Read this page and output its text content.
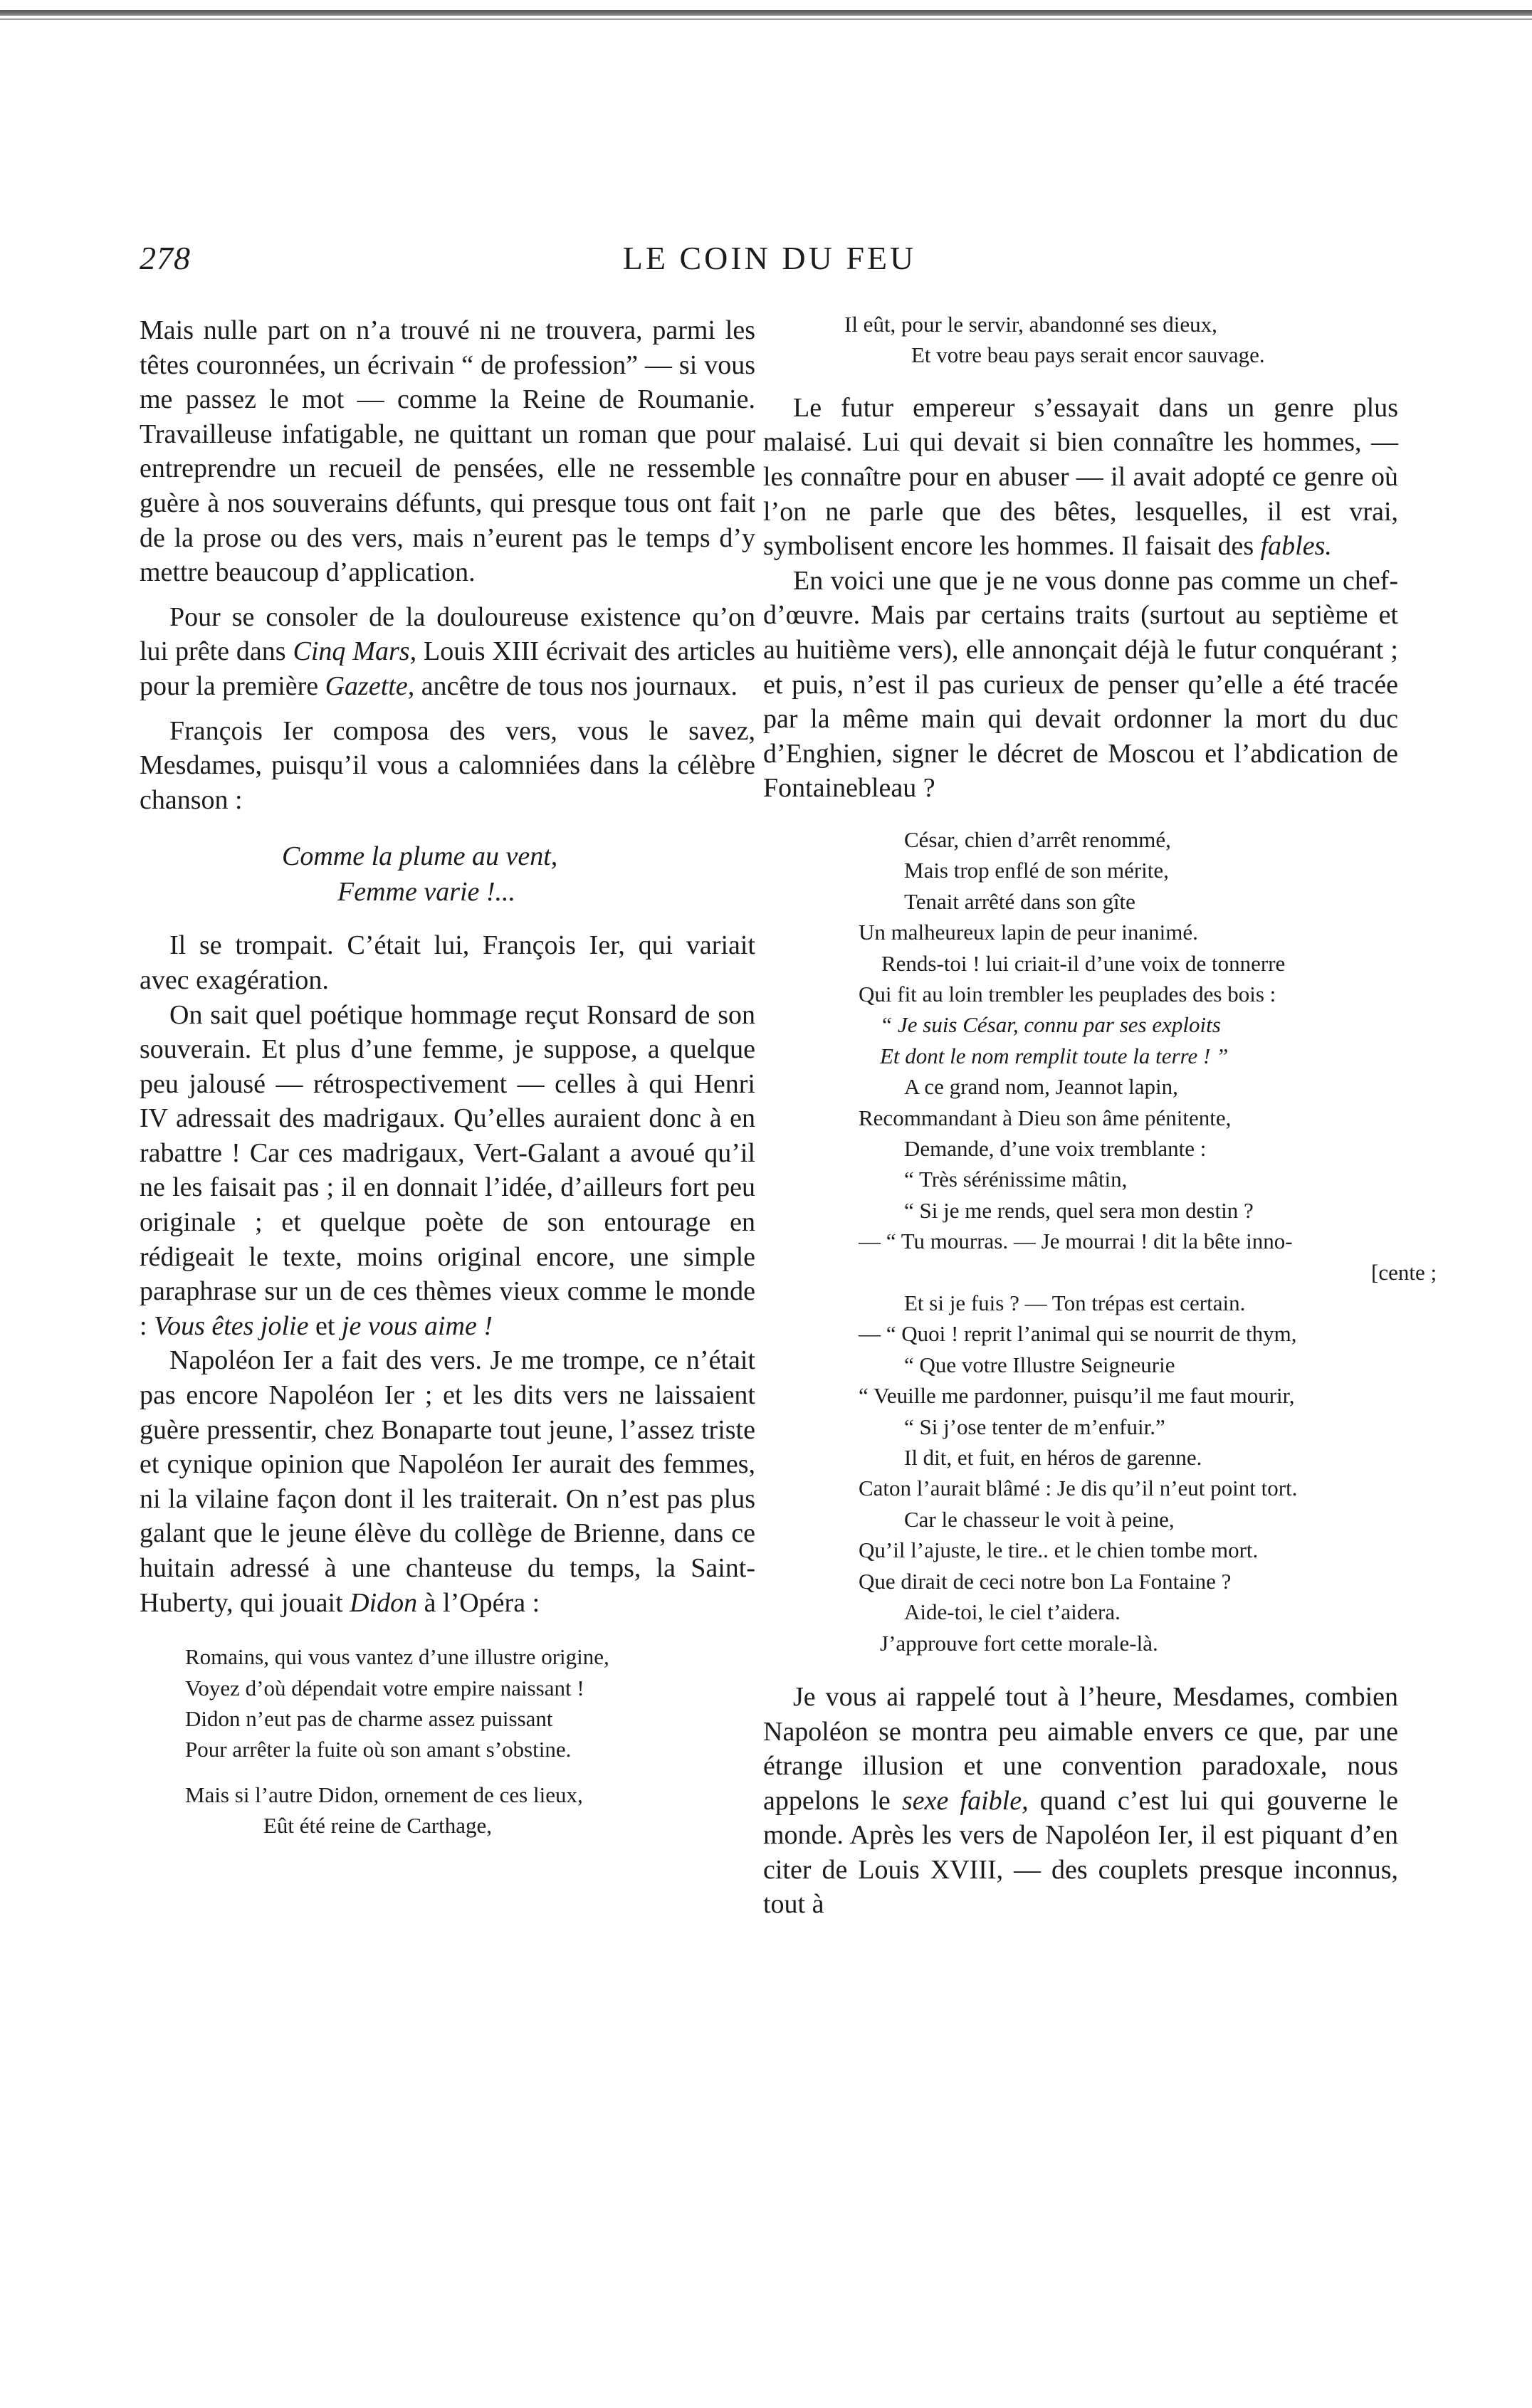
278	LE COIN DU FEU

Mais nulle part on n’a trouvé ni ne trouvera, parmi les têtes couronnées, un écrivain “ de profession” — si vous me passez le mot — comme la Reine de Roumanie. Travailleuse infatigable, ne quittant un roman que pour entreprendre un recueil de pensées, elle ne ressemble guère à nos souverains défunts, qui presque tous ont fait de la prose ou des vers, mais n’eurent pas le temps d’y mettre beaucoup d’application.

Pour se consoler de la douloureuse existence qu’on lui prête dans Cinq Mars, Louis XIII écrivait des articles pour la première Gazette, ancêtre de tous nos journaux.

François Ier composa des vers, vous le savez, Mesdames, puisqu’il vous a calomniées dans la célèbre chanson :

Comme la plume au vent,
Femme varie !...

Il se trompait. C’était lui, François Ier, qui variait avec exagération.

On sait quel poétique hommage reçut Ronsard de son souverain. Et plus d’une femme, je suppose, a quelque peu jalousé — rétrospectivement — celles à qui Henri IV adressait des madrigaux. Qu’elles auraient donc à en rabattre ! Car ces madrigaux, Vert-Galant a avoué qu’il ne les faisait pas ; il en donnait l’idée, d’ailleurs fort peu originale ; et quelque poète de son entourage en rédigeait le texte, moins original encore, une simple paraphrase sur un de ces thèmes vieux comme le monde : Vous êtes jolie et je vous aime !

Napoléon Ier a fait des vers. Je me trompe, ce n’était pas encore Napoléon Ier ; et les dits vers ne laissaient guère pressentir, chez Bonaparte tout jeune, l’assez triste et cynique opinion que Napoléon Ier aurait des femmes, ni la vilaine façon dont il les traiterait. On n’est pas plus galant que le jeune élève du collège de Brienne, dans ce huitain adressé à une chanteuse du temps, la Saint-Huberty, qui jouait Didon à l’Opéra :

Romains, qui vous vantez d’une illustre origine,
Voyez d’où dépendait votre empire naissant !
Didon n’eut pas de charme assez puissant
Pour arrêter la fuite où son amant s’obstine.
Mais si l’autre Didon, ornement de ces lieux,
Eût été reine de Carthage,
Il eût, pour le servir, abandonné ses dieux,
Et votre beau pays serait encor sauvage.

Le futur empereur s’essayait dans un genre plus malaisé. Lui qui devait si bien connaître les hommes, — les connaître pour en abuser — il avait adopté ce genre où l’on ne parle que des bêtes, lesquelles, il est vrai, symbolisent encore les hommes. Il faisait des fables.

En voici une que je ne vous donne pas comme un chef-d’œuvre. Mais par certains traits (surtout au septième et au huitième vers), elle annonçait déjà le futur conquérant ; et puis, n’est il pas curieux de penser qu’elle a été tracée par la même main qui devait ordonner la mort du duc d’Enghien, signer le décret de Moscou et l’abdication de Fontainebleau ?

César, chien d’arrêt renommé,
Mais trop enflé de son mérite,
Tenait arrêté dans son gîte
Un malheureux lapin de peur inanimé.
Rends-toi ! lui criait-il d’une voix de tonnerre
Qui fit au loin trembler les peuplades des bois :
“ Je suis César, connu par ses exploits
Et dont le nom remplit toute la terre ! ”
A ce grand nom, Jeannot lapin,
Recommandant à Dieu son âme pénitente,
Demande, d’une voix tremblante :
“ Très sérénissime mâtin,
“ Si je me rends, quel sera mon destin ?
— “ Tu mourras. — Je mourrai ! dit la bête inno-
[cente ;
Et si je fuis ? — Ton trépas est certain.
— “ Quoi ! reprit l’animal qui se nourrit de thym,
“ Que votre Illustre Seigneurie
“ Veuille me pardonner, puisqu’il me faut mourir,
“ Si j’ose tenter de m’enfuir.”
Il dit, et fuit, en héros de garenne.
Caton l’aurait blâmé : Je dis qu’il n’eut point tort.
Car le chasseur le voit à peine,
Qu’il l’ajuste, le tire.. et le chien tombe mort.
Que dirait de ceci notre bon La Fontaine ?
Aide-toi, le ciel t’aidera.
J’approuve fort cette morale-là.

Je vous ai rappelé tout à l’heure, Mesdames, combien Napoléon se montra peu aimable envers ce que, par une étrange illusion et une convention paradoxale, nous appelons le sexe faible, quand c’est lui qui gouverne le monde. Après les vers de Napoléon Ier, il est piquant d’en citer de Louis XVIII, — des couplets presque inconnus, tout à
